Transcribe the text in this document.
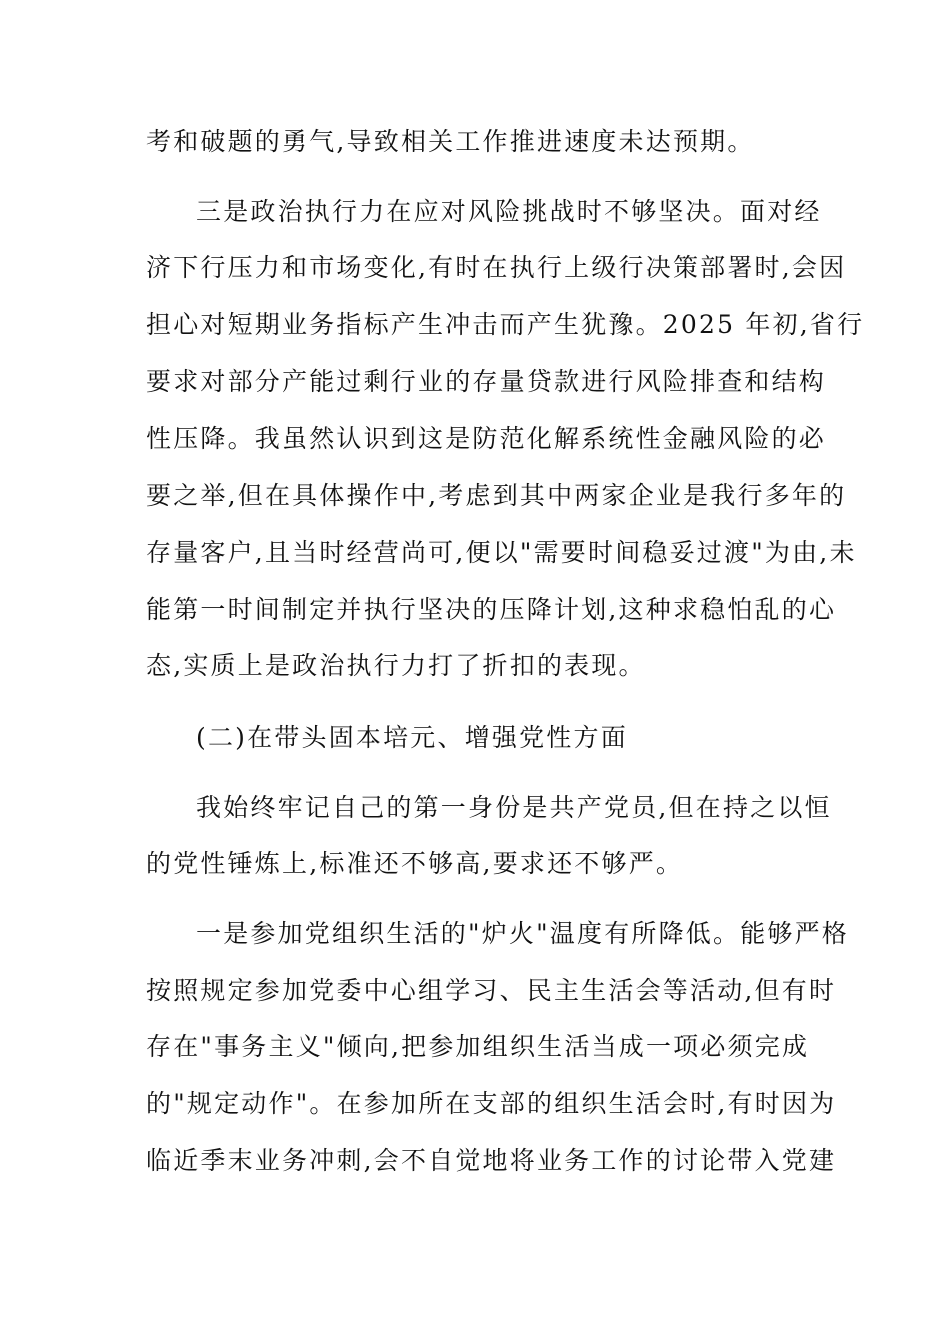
考和破题的勇气,导致相关工作推进速度未达预期。
三是政治执行力在应对风险挑战时不够坚决。面对经
济下行压力和市场变化,有时在执行上级行决策部署时,会因
担心对短期业务指标产生冲击而产生犹豫。2025 年初,省行
要求对部分产能过剩行业的存量贷款进行风险排查和结构
性压降。我虽然认识到这是防范化解系统性金融风险的必
要之举,但在具体操作中,考虑到其中两家企业是我行多年的
存量客户,且当时经营尚可,便以"需要时间稳妥过渡"为由,未
能第一时间制定并执行坚决的压降计划,这种求稳怕乱的心
态,实质上是政治执行力打了折扣的表现。
(二)在带头固本培元、增强党性方面
我始终牢记自己的第一身份是共产党员,但在持之以恒
的党性锤炼上,标准还不够高,要求还不够严。
一是参加党组织生活的"炉火"温度有所降低。能够严格
按照规定参加党委中心组学习、民主生活会等活动,但有时
存在"事务主义"倾向,把参加组织生活当成一项必须完成
的"规定动作"。在参加所在支部的组织生活会时,有时因为
临近季末业务冲刺,会不自觉地将业务工作的讨论带入党建
